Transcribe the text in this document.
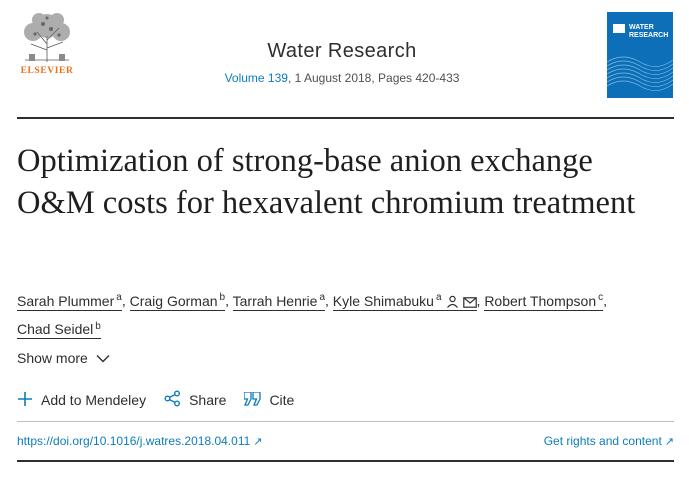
ELSEVIER
Water Research
Volume 139, 1 August 2018, Pages 420-433
WATER
RESEARCH
Optimization of strong-base anion exchange O&M costs for hexavalent chromium treatment
Sarah Plummer $^a$, Craig Gorman $^b$, Tarrah Henrie $^a$, Kyle Shimabuku $^a$	, Robert Thompson $^c$,
Chad Seidel $^b$
Show more
Add to Mendeley	Share	Cite
https://doi.org/10.1016/j.watres.2018.04.011 ↗	Get rights and content ↗
